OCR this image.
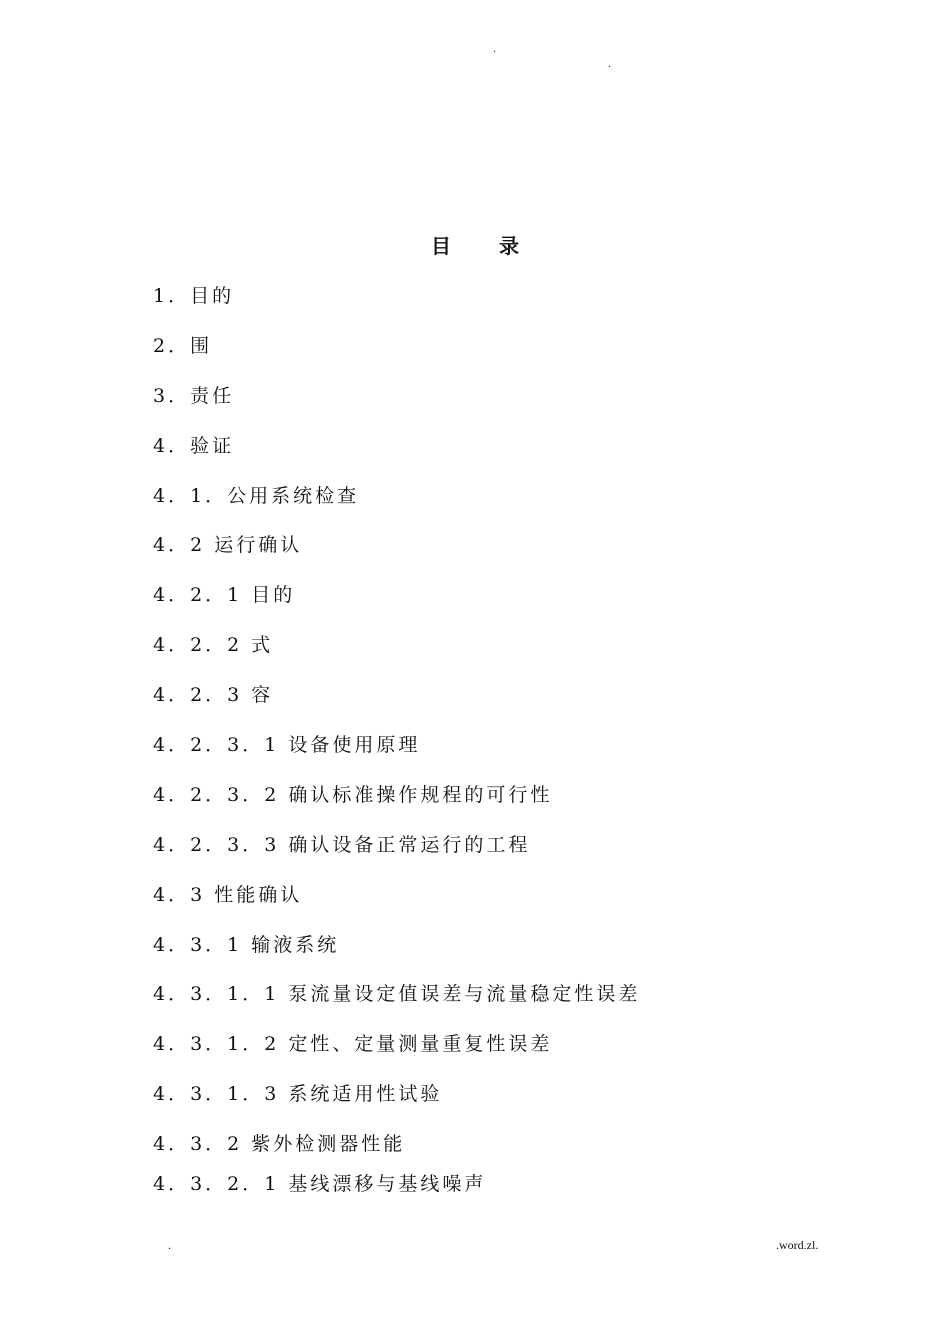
.
.
目录
1．目的
2．围
3．责任
4．验证
4．1．公用系统检查
4．2 运行确认
4．2．1 目的
4．2．2 式
4．2．3 容
4．2．3．1 设备使用原理
4．2．3．2 确认标准操作规程的可行性
4．2．3．3 确认设备正常运行的工程
4．3 性能确认
4．3．1 输液系统
4．3．1．1 泵流量设定值误差与流量稳定性误差
4．3．1．2 定性、定量测量重复性误差
4．3．1．3 系统适用性试验
4．3．2 紫外检测器性能
4．3．2．1 基线漂移与基线噪声
.	.word.zl.
